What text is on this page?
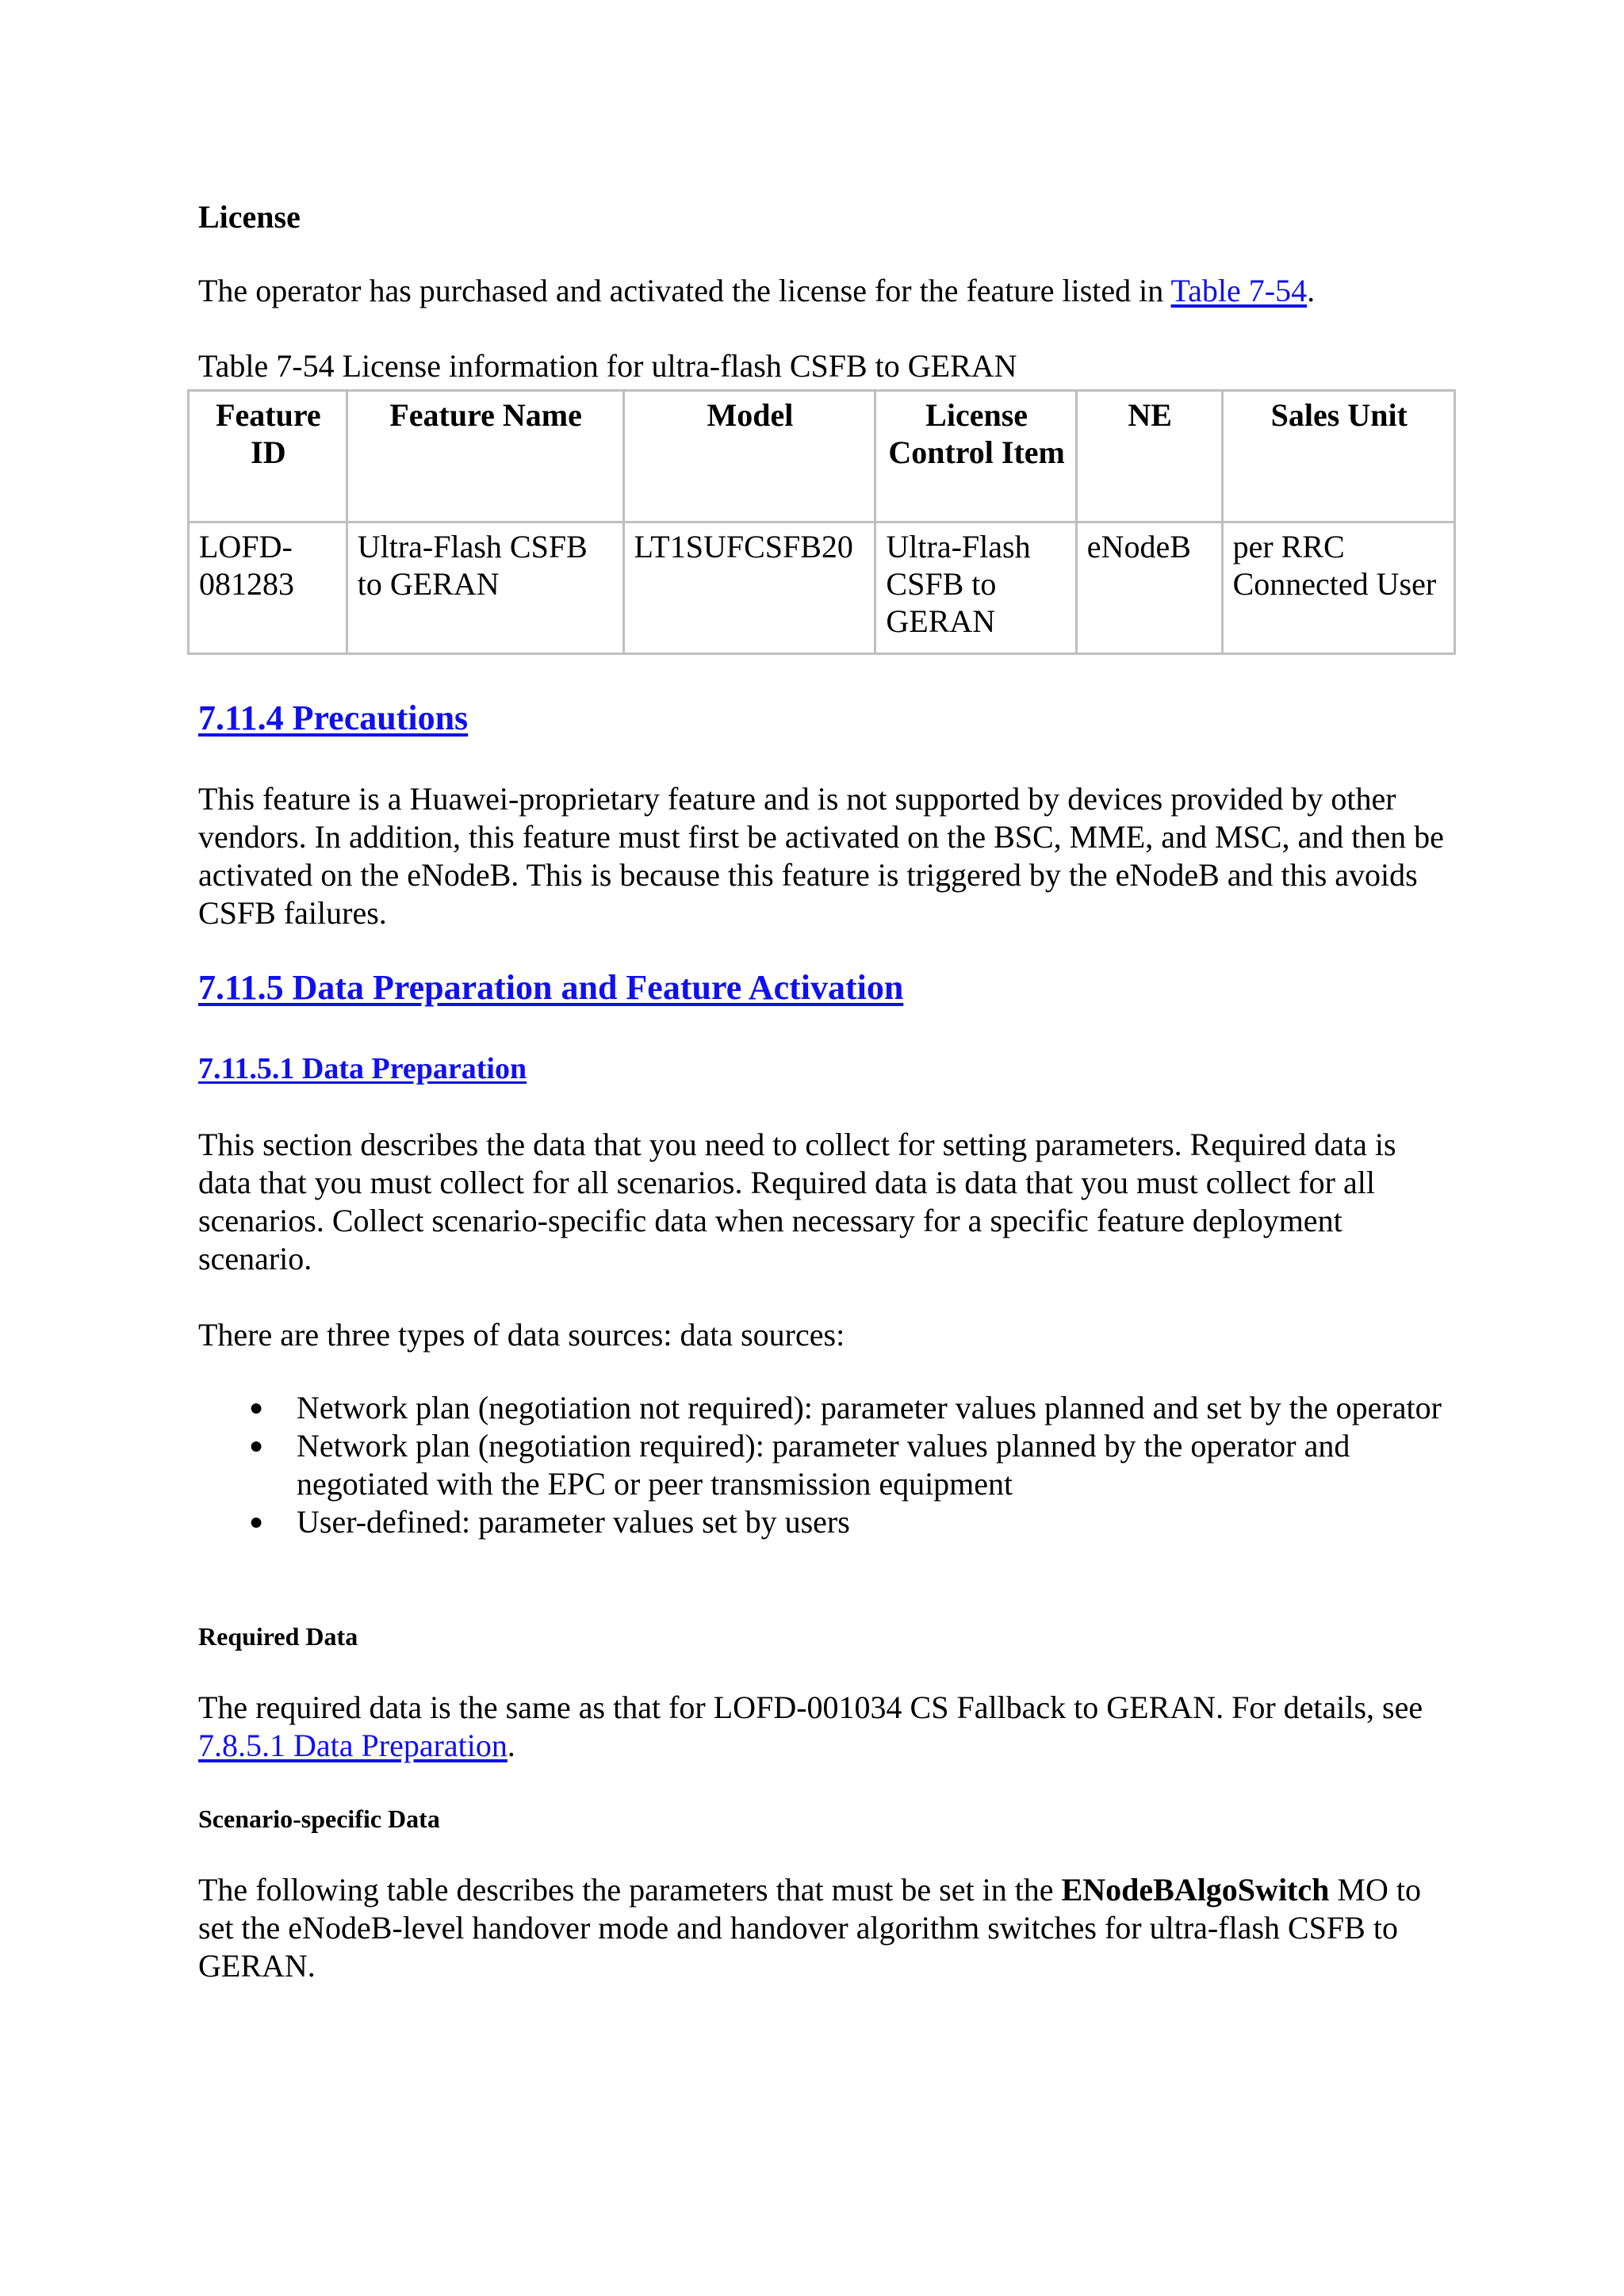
License

The operator has purchased and activated the license for the feature listed in Table 7-54.

Table 7-54 License information for ultra-flash CSFB to GERAN
Feature ID	Feature Name	Model	License Control Item	NE	Sales Unit
LOFD-081283	Ultra-Flash CSFB to GERAN	LT1SUFCSFB20	Ultra-Flash CSFB to GERAN	eNodeB	per RRC Connected User
7.11.4 Precautions

This feature is a Huawei-proprietary feature and is not supported by devices provided by other vendors. In addition, this feature must first be activated on the BSC, MME, and MSC, and then be activated on the eNodeB. This is because this feature is triggered by the eNodeB and this avoids CSFB failures.

7.11.5 Data Preparation and Feature Activation
7.11.5.1 Data Preparation

This section describes the data that you need to collect for setting parameters. Required data is data that you must collect for all scenarios. Required data is data that you must collect for all scenarios. Collect scenario-specific data when necessary for a specific feature deployment scenario.

There are three types of data sources: data sources:

● Network plan (negotiation not required): parameter values planned and set by the operator
● Network plan (negotiation required): parameter values planned by the operator and negotiated with the EPC or peer transmission equipment
● User-defined: parameter values set by users
Required Data

The required data is the same as that for LOFD-001034 CS Fallback to GERAN. For details, see 7.8.5.1 Data Preparation.

Scenario-specific Data

The following table describes the parameters that must be set in the ENodeBAlgoSwitch MO to set the eNodeB-level handover mode and handover algorithm switches for ultra-flash CSFB to GERAN.
